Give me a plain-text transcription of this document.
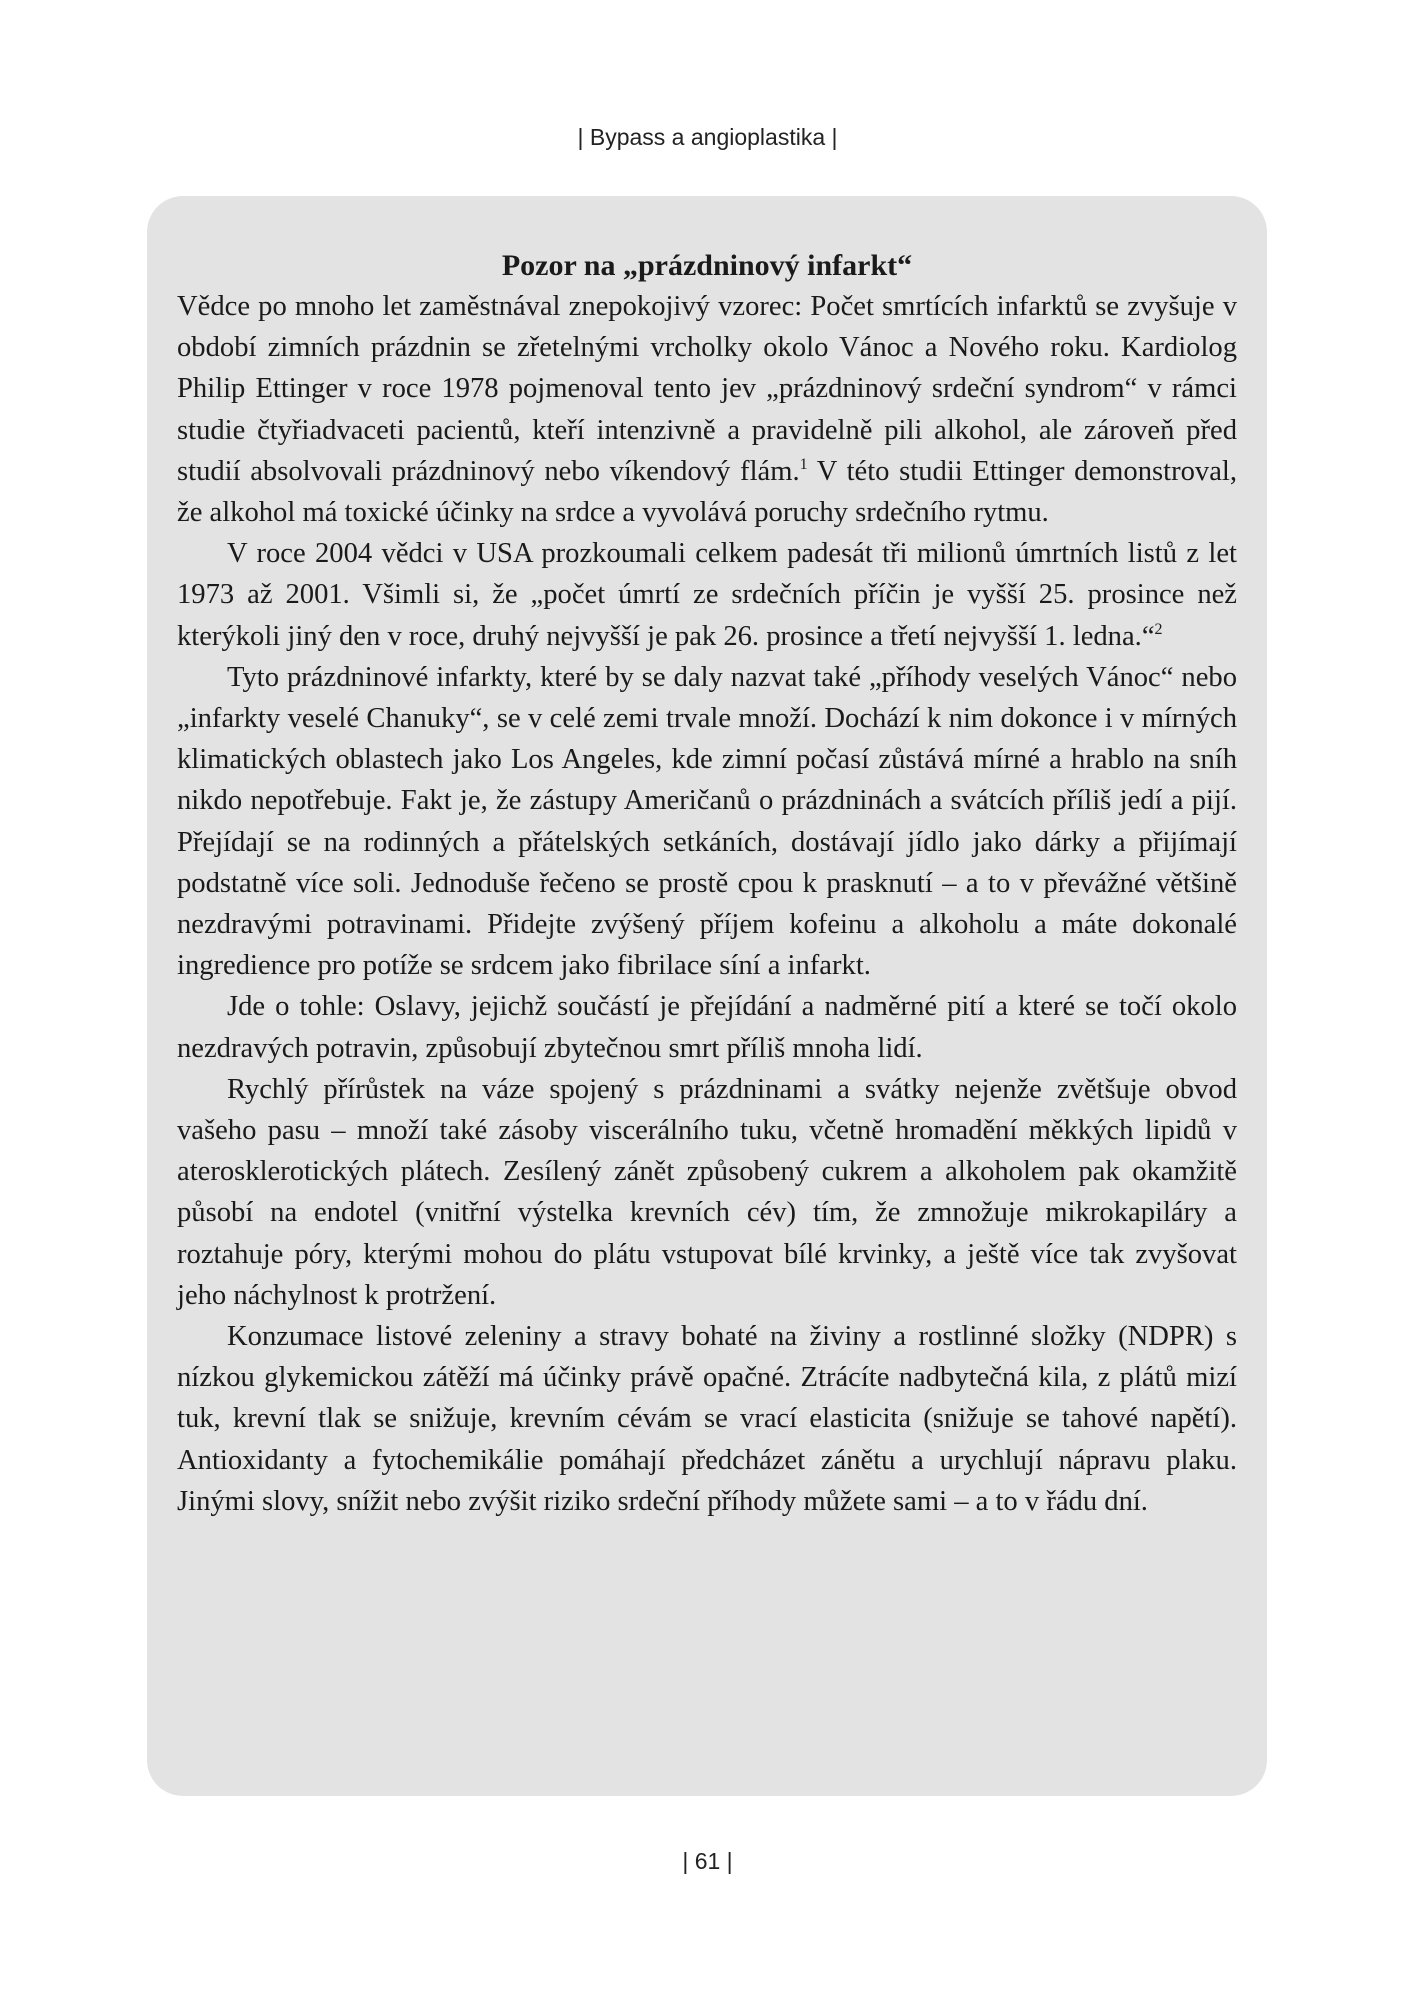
| Bypass a angioplastika |

Pozor na „prázdninový infarkt“

Vědce po mnoho let zaměstnával znepokojivý vzorec: Počet smrtících infarktů se zvyšuje v období zimních prázdnin se zřetelnými vrcholky okolo Vánoc a Nového roku. Kardiolog Philip Ettinger v roce 1978 pojmenoval tento jev „prázdninový srdeční syndrom“ v rámci studie čtyřiadvaceti pacientů, kteří intenzivně a pravidelně pili alkohol, ale zároveň před studií absolvovali prázdninový nebo víkendový flám.$^1$ V této studii Ettinger demonstroval, že alkohol má toxické účinky na srdce a vyvolává poruchy srdečního rytmu.

V roce 2004 vědci v USA prozkoumali celkem padesát tři milionů úmrtních listů z let 1973 až 2001. Všimli si, že „počet úmrtí ze srdečních příčin je vyšší 25. prosince než kterýkoli jiný den v roce, druhý nejvyšší je pak 26. prosince a třetí nejvyšší 1. ledna.“$^2$

Tyto prázdninové infarkty, které by se daly nazvat také „příhody veselých Vánoc“ nebo „infarkty veselé Chanuky“, se v celé zemi trvale množí. Dochází k nim dokonce i v mírných klimatických oblastech jako Los Angeles, kde zimní počasí zůstává mírné a hrablo na sníh nikdo nepotřebuje. Fakt je, že zástupy Američanů o prázdninách a svátcích příliš jedí a pijí. Přejídají se na rodinných a přátelských setkáních, dostávají jídlo jako dárky a přijímají podstatně více soli. Jednoduše řečeno se prostě cpou k prasknutí – a to v převážné většině nezdravými potravinami. Přidejte zvýšený příjem kofeinu a alkoholu a máte dokonalé ingredience pro potíže se srdcem jako fibrilace síní a infarkt.

Jde o tohle: Oslavy, jejichž součástí je přejídání a nadměrné pití a které se točí okolo nezdravých potravin, způsobují zbytečnou smrt příliš mnoha lidí.

Rychlý přírůstek na váze spojený s prázdninami a svátky nejenže zvětšuje obvod vašeho pasu – množí také zásoby viscerálního tuku, včetně hromadění měkkých lipidů v aterosklerotických plátech. Zesílený zánět způsobený cukrem a alkoholem pak okamžitě působí na endotel (vnitřní výstelka krevních cév) tím, že zmnožuje mikrokapiláry a roztahuje póry, kterými mohou do plátu vstupovat bílé krvinky, a ještě více tak zvyšovat jeho náchylnost k protržení.

Konzumace listové zeleniny a stravy bohaté na živiny a rostlinné složky (NDPR) s nízkou glykemickou zátěží má účinky právě opačné. Ztrácíte nadbytečná kila, z plátů mizí tuk, krevní tlak se snižuje, krevním cévám se vrací elasticita (snižuje se tahové napětí). Antioxidanty a fytochemikálie pomáhají předcházet zánětu a urychlují nápravu plaku. Jinými slovy, snížit nebo zvýšit riziko srdeční příhody můžete sami – a to v řádu dní.

| 61 |
